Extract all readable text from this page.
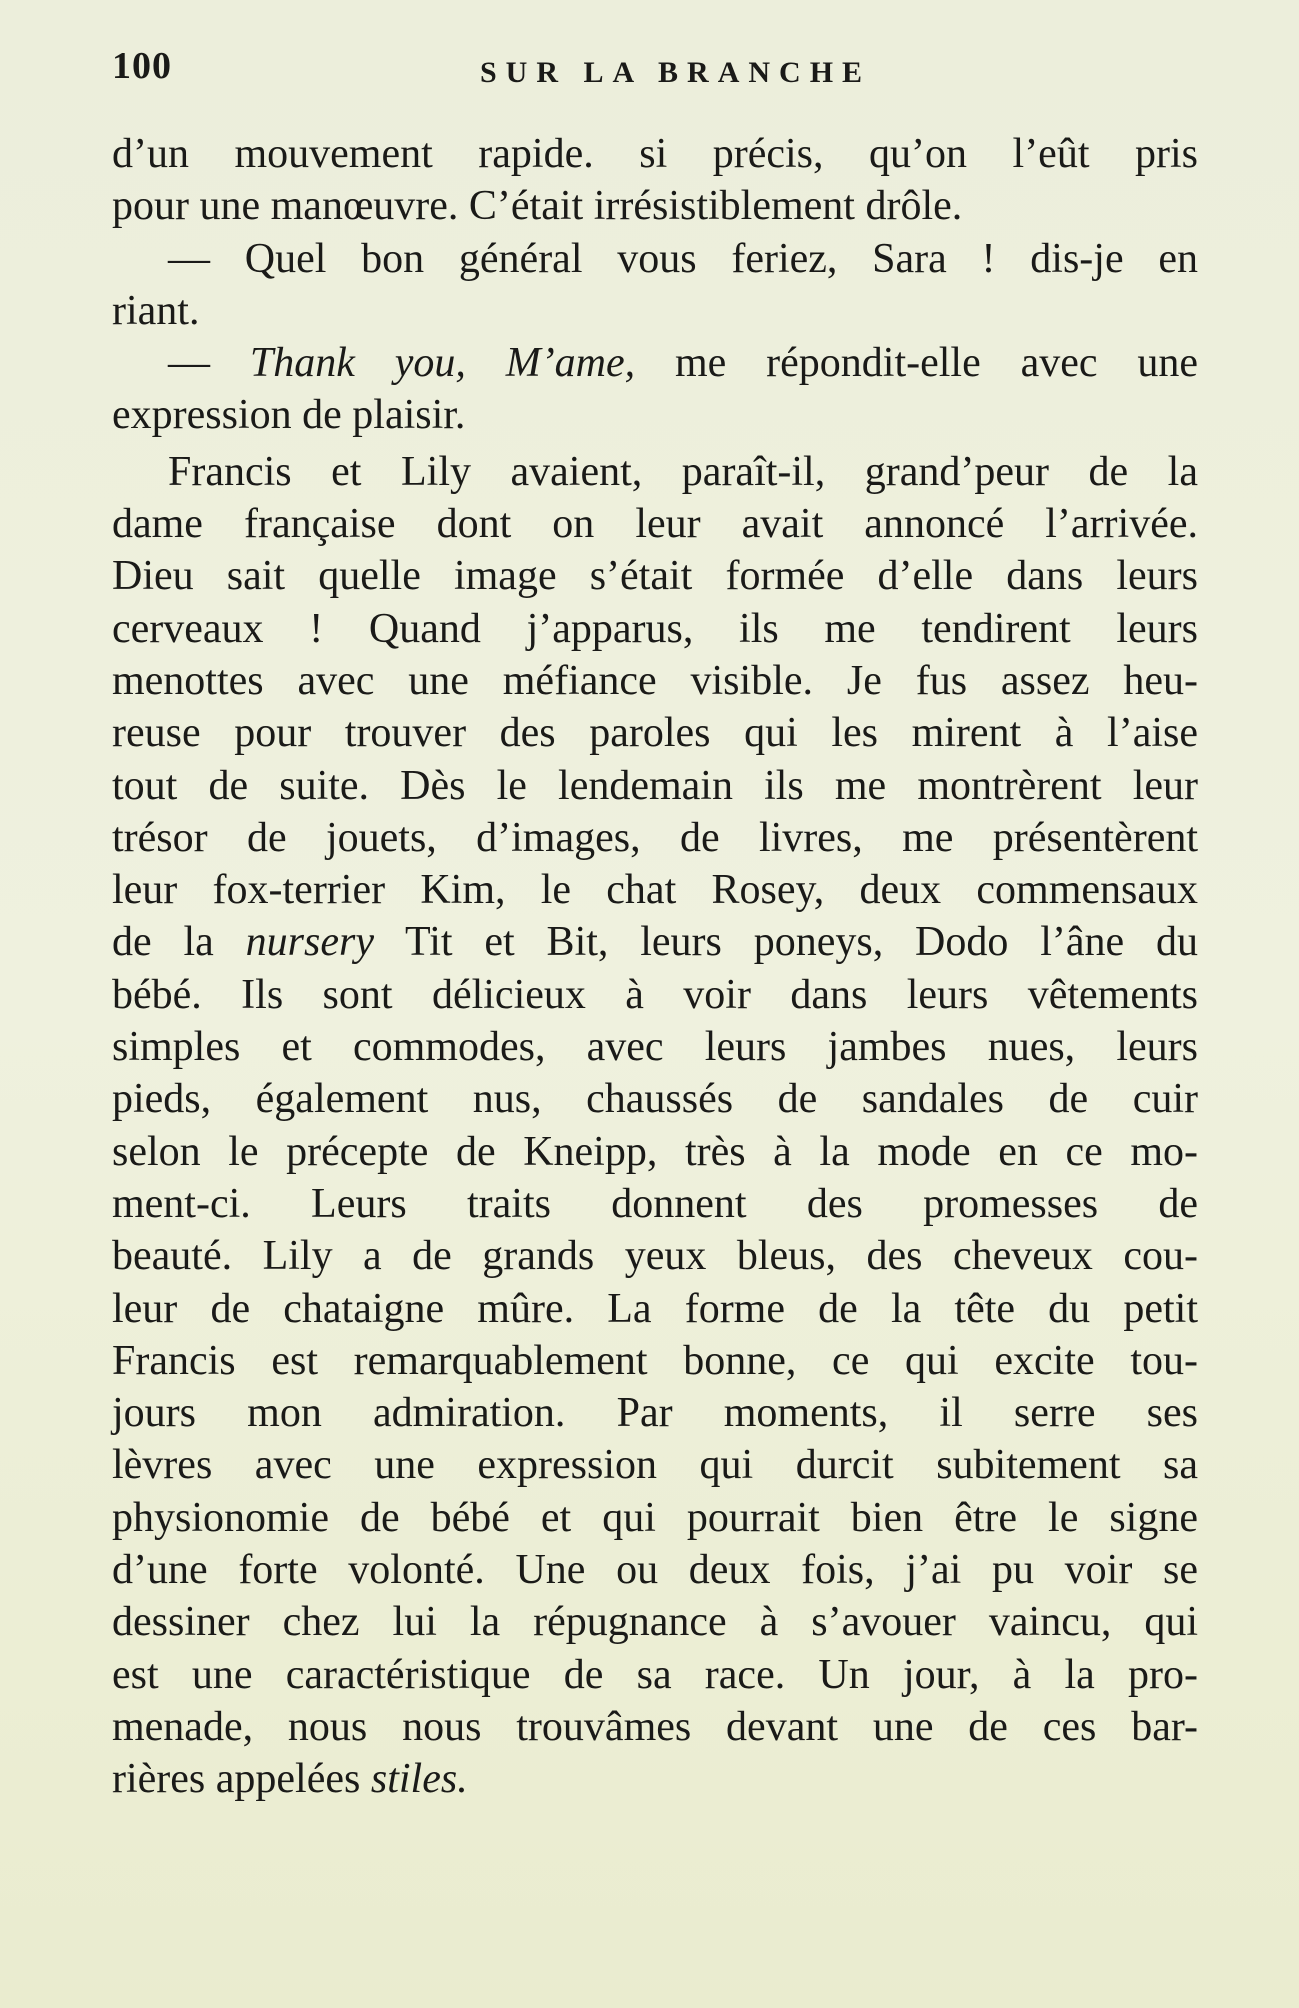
100	SUR LA BRANCHE
d’un mouvement rapide. si précis, qu’on l’eût pris
pour une manœuvre. C’était irrésistiblement drôle.
— Quel bon général vous feriez, Sara ! dis-je en
riant.
— Thank you, M’ame, me répondit-elle avec une
expression de plaisir.
Francis et Lily avaient, paraît-il, grand’peur de la
dame française dont on leur avait annoncé l’arrivée.
Dieu sait quelle image s’était formée d’elle dans leurs
cerveaux ! Quand j’apparus, ils me tendirent leurs
menottes avec une méfiance visible. Je fus assez heu-
reuse pour trouver des paroles qui les mirent à l’aise
tout de suite. Dès le lendemain ils me montrèrent leur
trésor de jouets, d’images, de livres, me présentèrent
leur fox-terrier Kim, le chat Rosey, deux commensaux
de la nursery Tit et Bit, leurs poneys, Dodo l’âne du
bébé. Ils sont délicieux à voir dans leurs vêtements
simples et commodes, avec leurs jambes nues, leurs
pieds, également nus, chaussés de sandales de cuir
selon le précepte de Kneipp, très à la mode en ce mo-
ment-ci. Leurs traits donnent des promesses de
beauté. Lily a de grands yeux bleus, des cheveux cou-
leur de chataigne mûre. La forme de la tête du petit
Francis est remarquablement bonne, ce qui excite tou-
jours mon admiration. Par moments, il serre ses
lèvres avec une expression qui durcit subitement sa
physionomie de bébé et qui pourrait bien être le signe
d’une forte volonté. Une ou deux fois, j’ai pu voir se
dessiner chez lui la répugnance à s’avouer vaincu, qui
est une caractéristique de sa race. Un jour, à la pro-
menade, nous nous trouvâmes devant une de ces bar-
rières appelées stiles.
